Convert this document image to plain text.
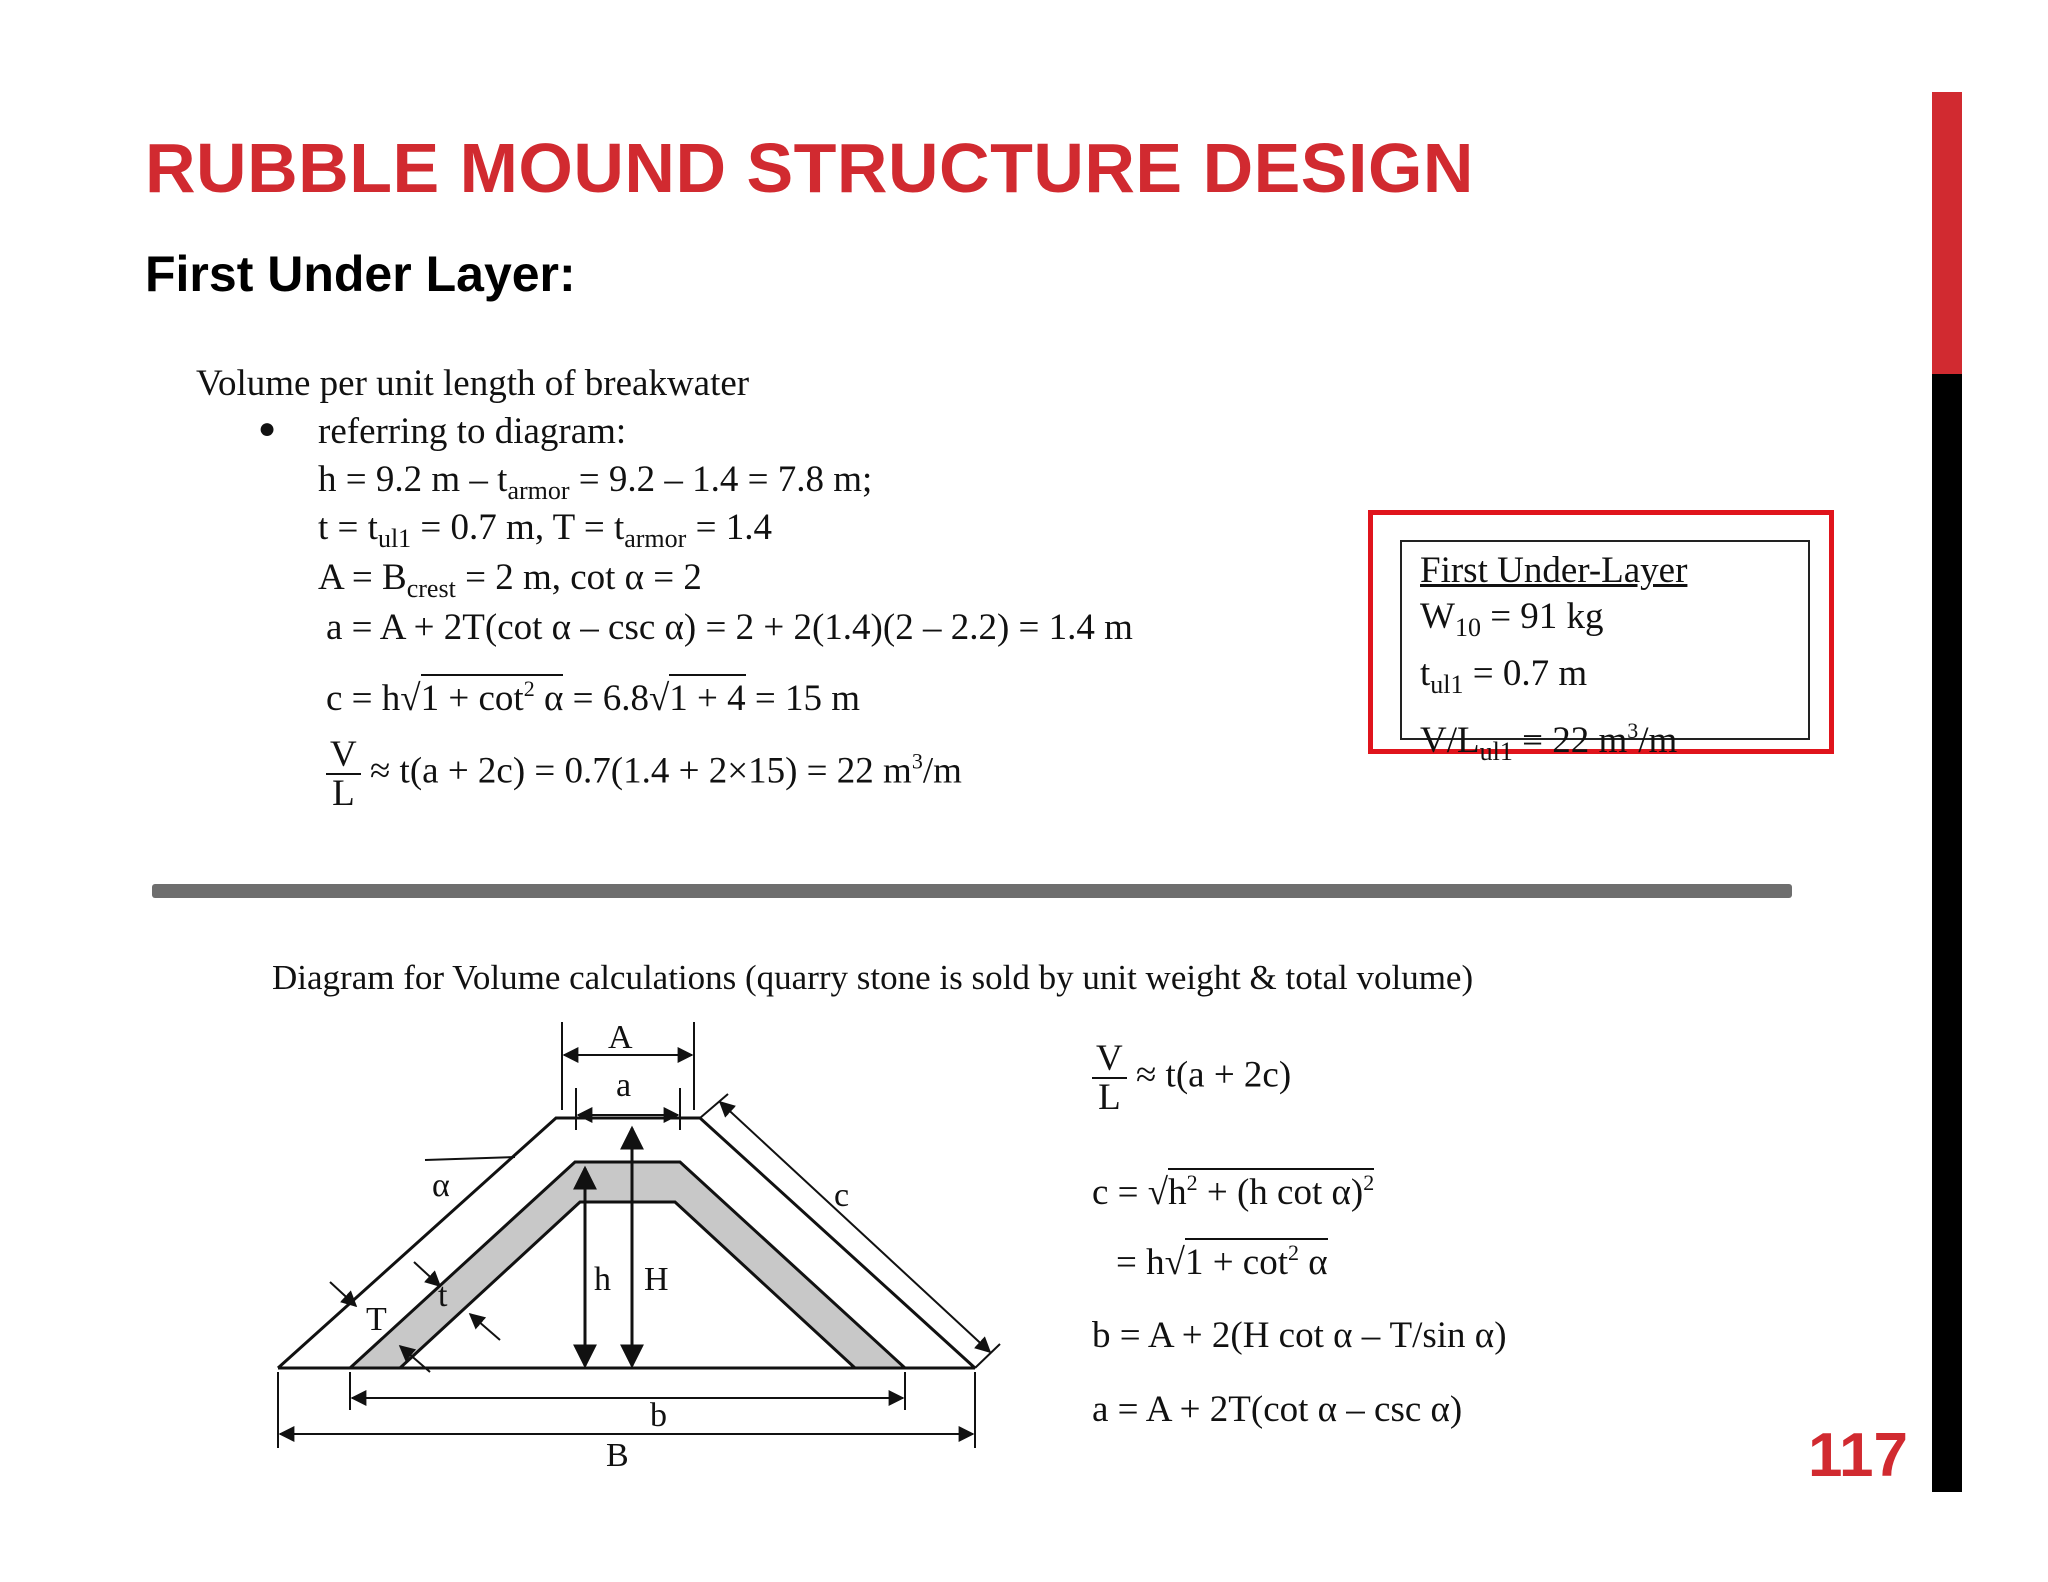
RUBBLE MOUND STRUCTURE DESIGN
First Under Layer:
117
Volume per unit length of breakwater
● referring to diagram:
h = 9.2 $m - t_{armor} = 9.2 - 1.4 = 7.8$ m;
$t = t_{ul1} = 0.7$ m, $T = t_{armor} = 1.4$
$A = B_{crest} = 2$ m, cot α = 2
a = A + 2T(cot α – csc α) = 2 + 2(1.4)(2 – 2.2) = 1.4 m
$c = h√1 + \cot^2 \alpha = 6.8√1 + 4 = 15$ m
$\frac{V}{L} \approx t(a + 2c) = 0.7(1.4 + 2\times 15) = 22$ $m^3/m$
First Under-Layer
$W_{10} = 91$ kg
$t_{ul1} = 0.7$ m
$V/L_{ul1} = 22$ $m^3/m$
Diagram for Volume calculations (quarry stone is sold by unit weight & total volume)
A
a
α	c
h H
T
t
b
B
$\frac{V}{L} \approx t(a + 2c)$
$c = √h^2 + (h$ cot α)$^2$
= $h√1 + \cot^2 \alpha$
b = A + 2(H cot α – T/sin α)
a = A + 2T(cot α – csc α)
